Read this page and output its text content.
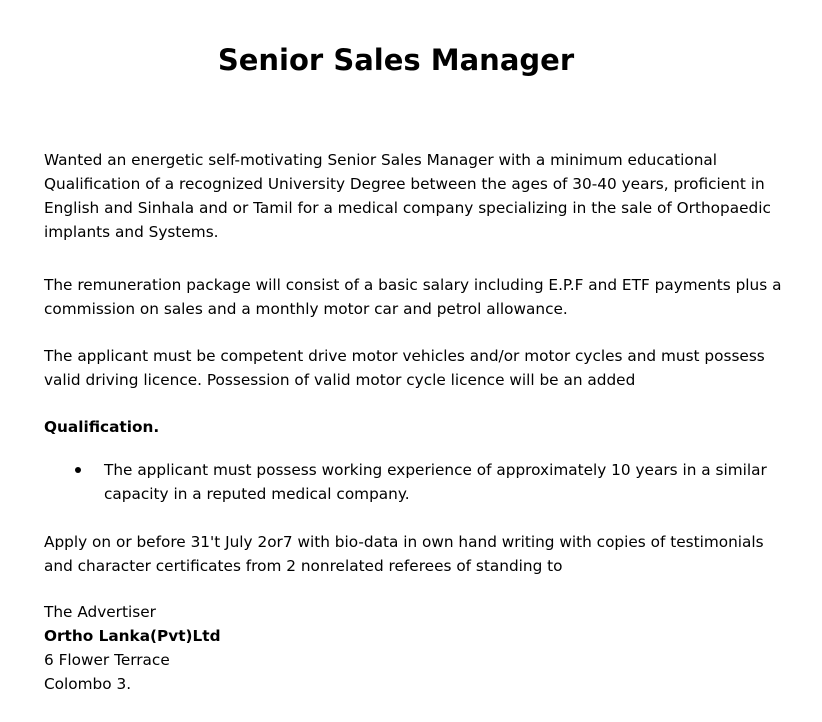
Senior Sales Manager

Wanted an energetic self-motivating Senior Sales Manager with a minimum educational Qualification of a recognized University Degree between the ages of 30-40 years, proficient in English and Sinhala and or Tamil for a medical company specializing in the sale of Orthopaedic implants and Systems.

The remuneration package will consist of a basic salary including E.P.F and ETF payments plus a commission on sales and a monthly motor car and petrol allowance.

The applicant must be competent drive motor vehicles and/or motor cycles and must possess valid driving licence. Possession of valid motor cycle licence will be an added

Qualification.

The applicant must possess working experience of approximately 10 years in a similar capacity in a reputed medical company.

Apply on or before 31't July 2or7 with bio-data in own hand writing with copies of testimonials and character certificates from 2 nonrelated referees of standing to

The Advertiser
Ortho Lanka(Pvt)Ltd
6 Flower Terrace
Colombo 3.
